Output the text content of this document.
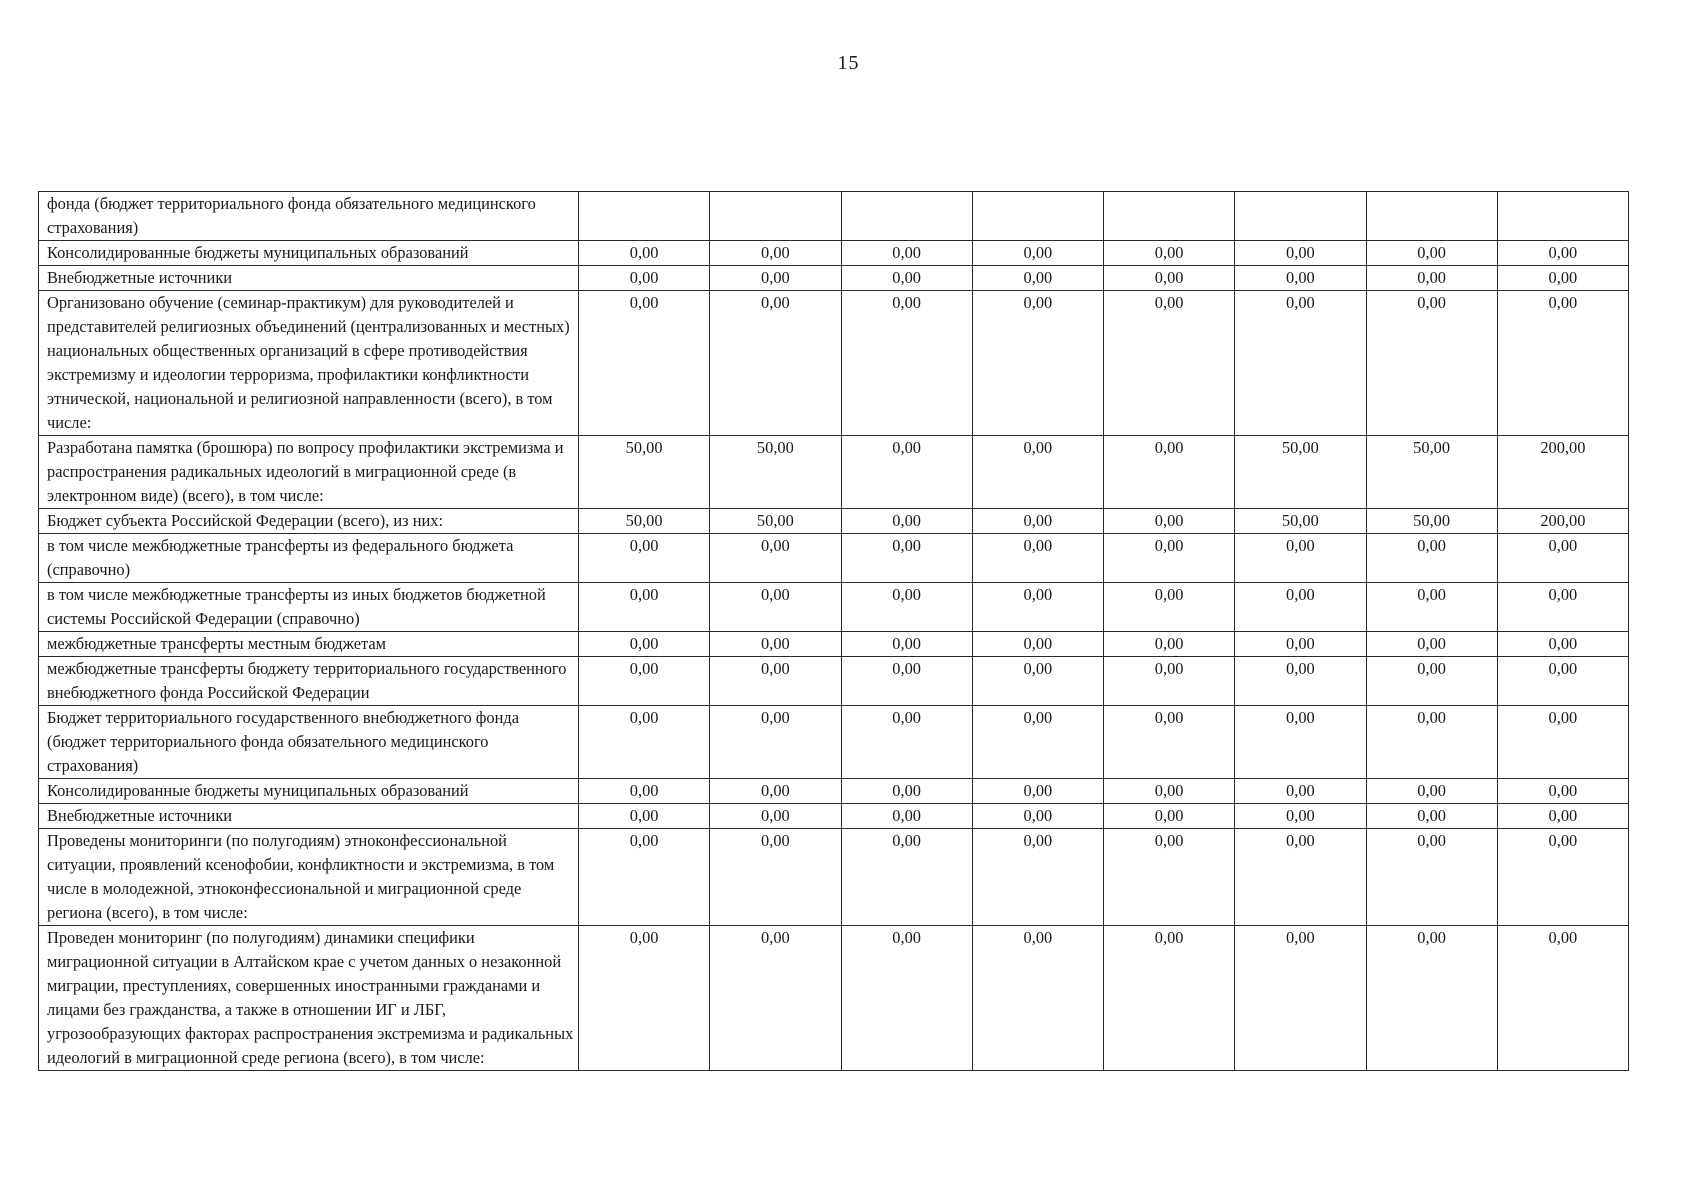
15
фонда (бюджет территориального фонда обязательного медицинского страхования)								
Консолидированные бюджеты муниципальных образований	0,00	0,00	0,00	0,00	0,00	0,00	0,00	0,00
Внебюджетные источники	0,00	0,00	0,00	0,00	0,00	0,00	0,00	0,00
Организовано обучение (семинар-практикум) для руководителей и представителей религиозных объединений (централизованных и местных) национальных общественных организаций в сфере противодействия экстремизму и идеологии терроризма, профилактики конфликтности этнической, национальной и религиозной направленности (всего), в том числе:	0,00	0,00	0,00	0,00	0,00	0,00	0,00	0,00
Разработана памятка (брошюра) по вопросу профилактики экстремизма и распространения радикальных идеологий в миграционной среде (в электронном виде) (всего), в том числе:	50,00	50,00	0,00	0,00	0,00	50,00	50,00	200,00
Бюджет субъекта Российской Федерации (всего), из них:	50,00	50,00	0,00	0,00	0,00	50,00	50,00	200,00
в том числе межбюджетные трансферты из федерального бюджета (справочно)	0,00	0,00	0,00	0,00	0,00	0,00	0,00	0,00
в том числе межбюджетные трансферты из иных бюджетов бюджетной системы Российской Федерации (справочно)	0,00	0,00	0,00	0,00	0,00	0,00	0,00	0,00
межбюджетные трансферты местным бюджетам	0,00	0,00	0,00	0,00	0,00	0,00	0,00	0,00
межбюджетные трансферты бюджету территориального государственного внебюджетного фонда Российской Федерации	0,00	0,00	0,00	0,00	0,00	0,00	0,00	0,00
Бюджет территориального государственного внебюджетного фонда (бюджет территориального фонда обязательного медицинского страхования)	0,00	0,00	0,00	0,00	0,00	0,00	0,00	0,00
Консолидированные бюджеты муниципальных образований	0,00	0,00	0,00	0,00	0,00	0,00	0,00	0,00
Внебюджетные источники	0,00	0,00	0,00	0,00	0,00	0,00	0,00	0,00
Проведены мониторинги (по полугодиям) этноконфессиональной ситуации, проявлений ксенофобии, конфликтности и экстремизма, в том числе в молодежной, этноконфессиональной и миграционной среде региона (всего), в том числе:	0,00	0,00	0,00	0,00	0,00	0,00	0,00	0,00
Проведен мониторинг (по полугодиям) динамики специфики миграционной ситуации в Алтайском крае с учетом данных о незаконной миграции, преступлениях, совершенных иностранными гражданами и лицами без гражданства, а также в отношении ИГ и ЛБГ, угрозообразующих факторах распространения экстремизма и радикальных идеологий в миграционной среде региона (всего), в том числе:	0,00	0,00	0,00	0,00	0,00	0,00	0,00	0,00
